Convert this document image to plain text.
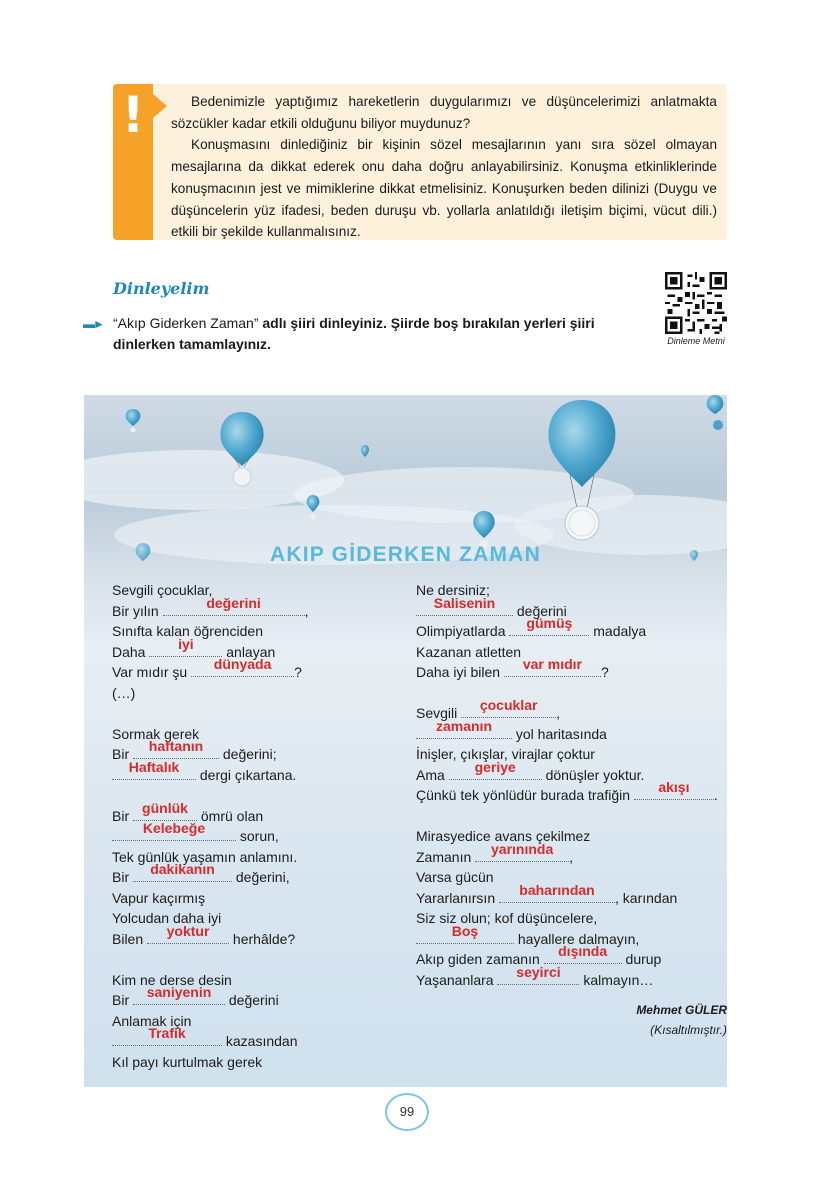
!	Bedenimizle yaptığımız hareketlerin duygularımızı ve düşüncelerimizi anlatmakta sözcükler kadar etkili olduğunu biliyor muydunuz?

Konuşmasını dinlediğiniz bir kişinin sözel mesajlarının yanı sıra sözel olmayan mesajlarına da dikkat ederek onu daha doğru anlayabilirsiniz. Konuşma etkinliklerinde konuşmacının jest ve mimiklerine dikkat etmelisiniz. Konuşurken beden dilinizi (Duygu ve düşüncelerin yüz ifadesi, beden duruşu vb. yollarla anlatıldığı iletişim biçimi, vücut dili.) etkili bir şekilde kullanmalısınız.

Dinleyelim
▬► “Akıp Giderken Zaman” adlı şiiri dinleyiniz. Şiirde boş bırakılan yerleri şiiri dinlerken tamamlayınız.	Dinleme Metni
AKIP GİDERKEN ZAMAN
Sevgili çocuklar,
Bir yılın	değerini	,
Sınıfta kalan öğrenciden
Daha	iyi	anlayan
Var mıdır şu	dünyada	?
(…)
Sormak gerek
Bir	haftanın	değerini;
Haftalık	dergi çıkartana.
Bir günlük ömrü olan
Kelebeğe	sorun,
Tek günlük yaşamın anlamını.
Bir	dakikanın	değerini,
Vapur kaçırmış
Yolcudan daha iyi
Bilen	yoktur	herhâlde?
Kim ne derse desin
Bir saniyenin değerini
Anlamak için
Trafik	kazasından
Kıl payı kurtulmak gerek
Ne dersiniz;
Salisenin	değerini
Olimpiyatlarda	gümüş	madalya
Kazanan atletten
Daha iyi bilen	var mıdır	?
Sevgili	çocuklar	,
zamanın	yol haritasında
İnişler, çıkışlar, virajlar çoktur
Ama	geriye	dönüşler yoktur.
Çünkü tek yönlüdür burada trafiğin	akışı	.
Mirasyedice avans çekilmez
Zamanın	yarınında	,
Varsa gücün
Yararlanırsın	baharından	, karından
Siz siz olun; kof düşüncelere,
Boş	hayallere dalmayın,
Akıp giden zamanın	dışında	durup
Yaşananlara	seyirci	kalmayın…
Mehmet GÜLER
(Kısaltılmıştır.)
99
